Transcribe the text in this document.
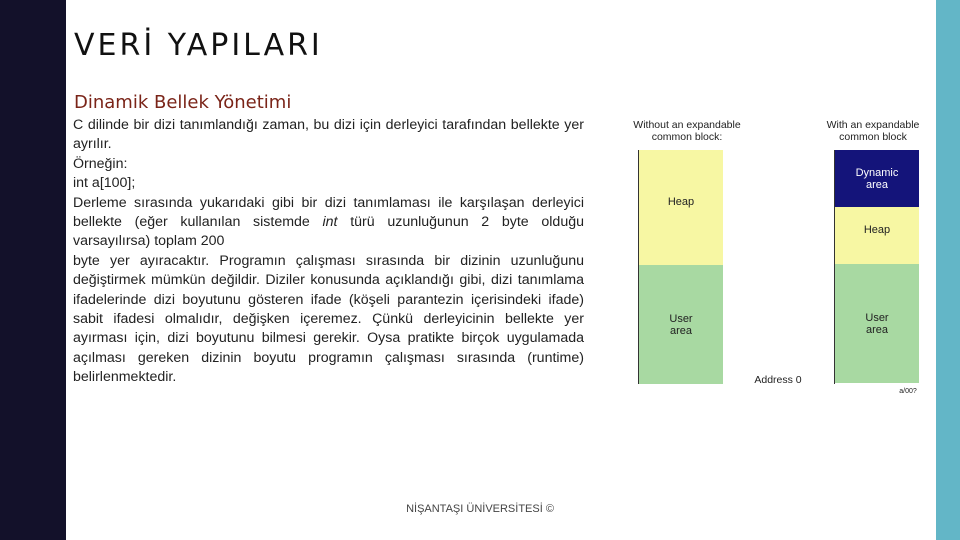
VERİ YAPILARI
Dinamik Bellek Yönetimi

C dilinde bir dizi tanımlandığı zaman, bu dizi için derleyici tarafından bellekte yer ayrılır.

Örneğin:

int a[100];

Derleme sırasında yukarıdaki gibi bir dizi tanımlaması ile karşılaşan derleyici bellekte (eğer kullanılan sistemde int türü uzunluğunun 2 byte olduğu varsayılırsa) toplam 200

byte yer ayıracaktır. Programın çalışması sırasında bir dizinin uzunluğunu değiştirmek mümkün değildir. Diziler konusunda açıklandığı gibi, dizi tanımlama ifadelerinde dizi boyutunu gösteren ifade (köşeli parantezin içerisindeki ifade) sabit ifadesi olmalıdır, değişken içeremez. Çünkü derleyicinin bellekte yer ayırması için, dizi boyutunu bilmesi gerekir. Oysa pratikte birçok uygulamada açılması gereken dizinin boyutu programın çalışması sırasında (runtime) belirlenmektedir.

Without an expandable common block:
With an expandable common block
Heap
User area
Dynamic area
Heap
User area
Address 0
a/00?
NİŞANTAŞI ÜNİVERSİTESİ ©
